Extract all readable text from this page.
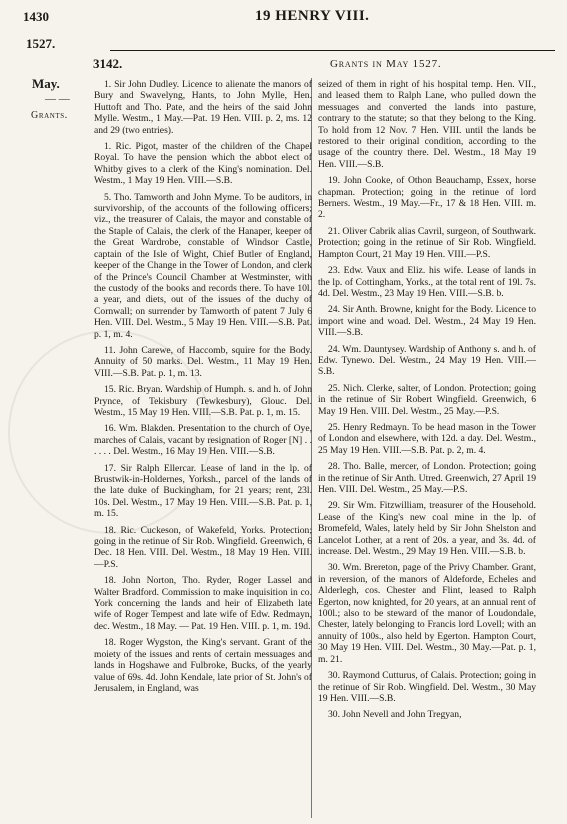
1430	19 HENRY VIII.
1527.
3142.	Grants in May 1527.
May.
— —
Grants.

1. Sir John Dudley. Licence to alienate the manors of Bury and Swavelyng, Hants, to John Mylle, Hen. Huttoft and Tho. Pate, and the heirs of the said John Mylle. Westm., 1 May.—Pat. 19 Hen. VIII. p. 2, ms. 12 and 29 (two entries).

1. Ric. Pigot, master of the children of the Chapel Royal. To have the pension which the abbot elect of Whitby gives to a clerk of the King's nomination. Del. Westm., 1 May 19 Hen. VIII.—S.B.

5. Tho. Tamworth and John Myme. To be auditors, in survivorship, of the accounts of the following officers; viz., the treasurer of Calais, the mayor and constable of the Staple of Calais, the clerk of the Hanaper, keeper of the Great Wardrobe, constable of Windsor Castle, captain of the Isle of Wight, Chief Butler of England, keeper of the Change in the Tower of London, and clerk of the Prince's Council Chamber at Westminster, with the custody of the books and records there. To have 10l. a year, and diets, out of the issues of the duchy of Cornwall; on surrender by Tamworth of patent 7 July 6 Hen. VIII. Del. Westm., 5 May 19 Hen. VIII.—S.B. Pat. p. 1, m. 4.

11. John Carewe, of Haccomb, squire for the Body. Annuity of 50 marks. Del. Westm., 11 May 19 Hen. VIII.—S.B. Pat. p. 1, m. 13.

15. Ric. Bryan. Wardship of Humph. s. and h. of John Prynce, of Tekisbury (Tewkesbury), Glouc. Del. Westm., 15 May 19 Hen. VIII.—S.B. Pat. p. 1, m. 15.

16. Wm. Blakden. Presentation to the church of Oye, marches of Calais, vacant by resignation of Roger [N] . . . . . . Del. Westm., 16 May 19 Hen. VIII.—S.B.

17. Sir Ralph Ellercar. Lease of land in the lp. of Brustwik-in-Holdernes, Yorksh., parcel of the lands of the late duke of Buckingham, for 21 years; rent, 23l. 10s. Del. Westm., 17 May 19 Hen. VIII.—S.B. Pat. p. 1, m. 15.

18. Ric. Cuckeson, of Wakefeld, Yorks. Protection; going in the retinue of Sir Rob. Wingfield. Greenwich, 6 Dec. 18 Hen. VIII. Del. Westm., 18 May 19 Hen. VIII.—P.S.

18. John Norton, Tho. Ryder, Roger Lassel and Walter Bradford. Commission to make inquisition in co. York concerning the lands and heir of Elizabeth late wife of Roger Tempest and late wife of Edw. Redmayn, dec. Westm., 18 May. — Pat. 19 Hen. VIII. p. 1, m. 19d.

18. Roger Wygston, the King's servant. Grant of the moiety of the issues and rents of certain messuages and lands in Hogshawe and Fulbroke, Bucks, of the yearly value of 69s. 4d. John Kendale, late prior of St. John's of Jerusalem, in England, was

seized of them in right of his hospital temp. Hen. VII., and leased them to Ralph Lane, who pulled down the messuages and converted the lands into pasture, contrary to the statute; so that they belong to the King. To hold from 12 Nov. 7 Hen. VIII. until the lands be restored to their original condition, according to the usage of the country there. Del. Westm., 18 May 19 Hen. VIII.—S.B.

19. John Cooke, of Othon Beauchamp, Essex, horse chapman. Protection; going in the retinue of lord Berners. Westm., 19 May.—Fr., 17 & 18 Hen. VIII. m. 2.

21. Oliver Cabrik alias Cavril, surgeon, of Southwark. Protection; going in the retinue of Sir Rob. Wingfield. Hampton Court, 21 May 19 Hen. VIII.—P.S.

23. Edw. Vaux and Eliz. his wife. Lease of lands in the lp. of Cottingham, Yorks., at the total rent of 19l. 7s. 4d. Del. Westm., 23 May 19 Hen. VIII.—S.B. b.

24. Sir Anth. Browne, knight for the Body. Licence to import wine and woad. Del. Westm., 24 May 19 Hen. VIII.—S.B.

24. Wm. Dauntysey. Wardship of Anthony s. and h. of Edw. Tynewo. Del. Westm., 24 May 19 Hen. VIII.—S.B.

25. Nich. Clerke, salter, of London. Protection; going in the retinue of Sir Robert Wingfield. Greenwich, 6 May 19 Hen. VIII. Del. Westm., 25 May.—P.S.

25. Henry Redmayn. To be head mason in the Tower of London and elsewhere, with 12d. a day. Del. Westm., 25 May 19 Hen. VIII.—S.B. Pat. p. 2, m. 4.

28. Tho. Balle, mercer, of London. Protection; going in the retinue of Sir Anth. Utred. Greenwich, 27 April 19 Hen. VIII. Del. Westm., 25 May.—P.S.

29. Sir Wm. Fitzwilliam, treasurer of the Household. Lease of the King's new coal mine in the lp. of Bromefeld, Wales, lately held by Sir John Shelston and Lancelot Lother, at a rent of 20s. a year, and 3s. 4d. of increase. Del. Westm., 29 May 19 Hen. VIII.—S.B. b.

30. Wm. Brereton, page of the Privy Chamber. Grant, in reversion, of the manors of Aldeforde, Echeles and Alderlegh, cos. Chester and Flint, leased to Ralph Egerton, now knighted, for 20 years, at an annual rent of 100l.; also to be steward of the manor of Loudondale, Chester, lately belonging to Francis lord Lovell; with an annuity of 100s., also held by Egerton. Hampton Court, 30 May 19 Hen. VIII. Del. Westm., 30 May.—Pat. p. 1, m. 21.

30. Raymond Cutturus, of Calais. Protection; going in the retinue of Sir Rob. Wingfield. Del. Westm., 30 May 19 Hen. VIII.—S.B.

30. John Nevell and John Tregyan,
